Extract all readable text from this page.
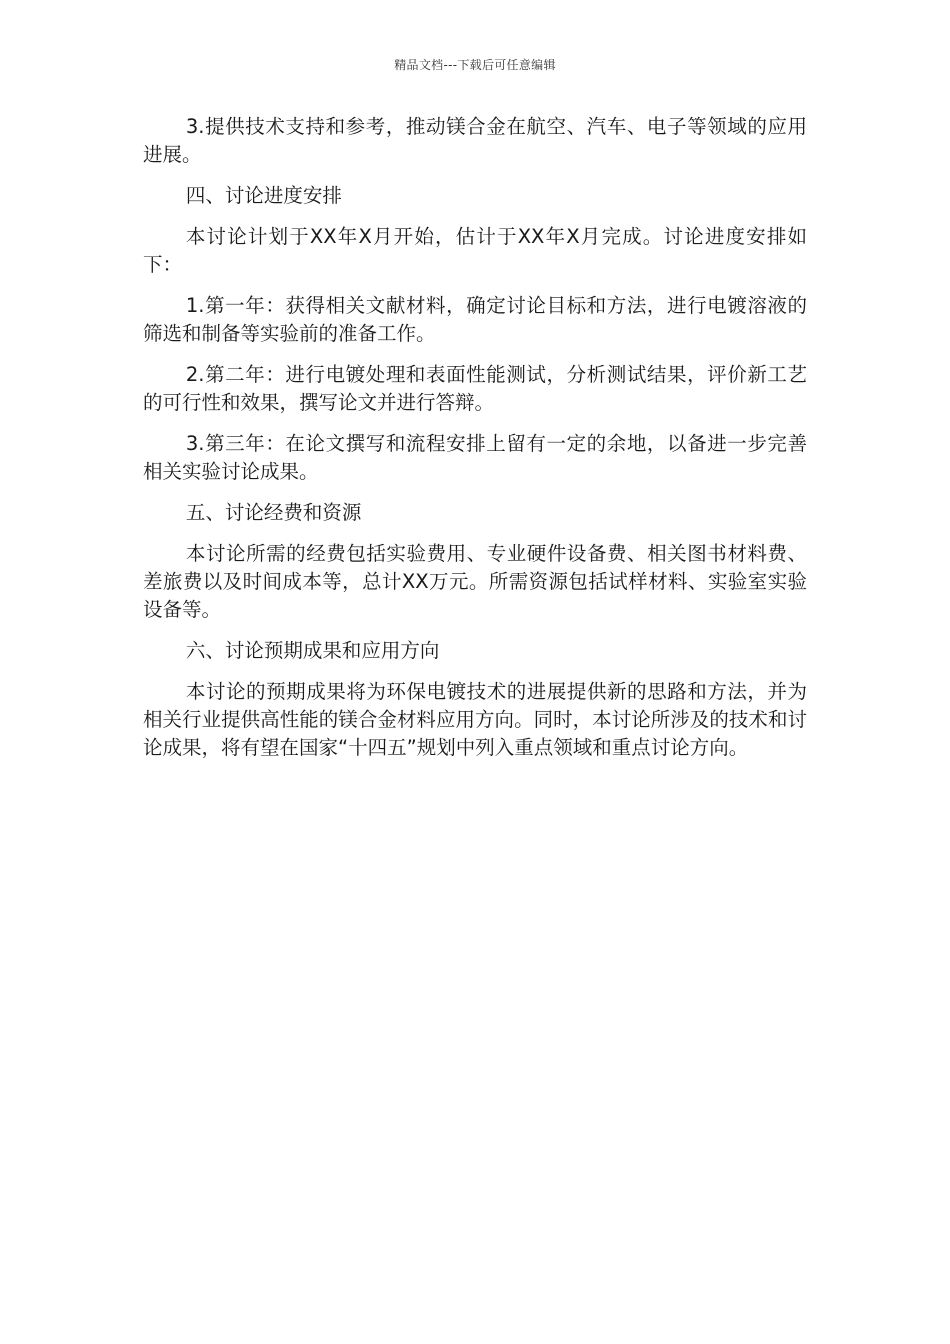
精品文档---下载后可任意编辑

3.提供技术支持和参考，推动镁合金在航空、汽车、电子等领域的应用进展。

四、讨论进度安排

本讨论计划于XX年X月开始，估计于XX年X月完成。讨论进度安排如下：

1.第一年：获得相关文献材料，确定讨论目标和方法，进行电镀溶液的筛选和制备等实验前的准备工作。

2.第二年：进行电镀处理和表面性能测试，分析测试结果，评价新工艺的可行性和效果，撰写论文并进行答辩。

3.第三年：在论文撰写和流程安排上留有一定的余地，以备进一步完善相关实验讨论成果。

五、讨论经费和资源

本讨论所需的经费包括实验费用、专业硬件设备费、相关图书材料费、差旅费以及时间成本等，总计XX万元。所需资源包括试样材料、实验室实验设备等。

六、讨论预期成果和应用方向

本讨论的预期成果将为环保电镀技术的进展提供新的思路和方法，并为相关行业提供高性能的镁合金材料应用方向。同时，本讨论所涉及的技术和讨论成果，将有望在国家“十四五”规划中列入重点领域和重点讨论方向。
